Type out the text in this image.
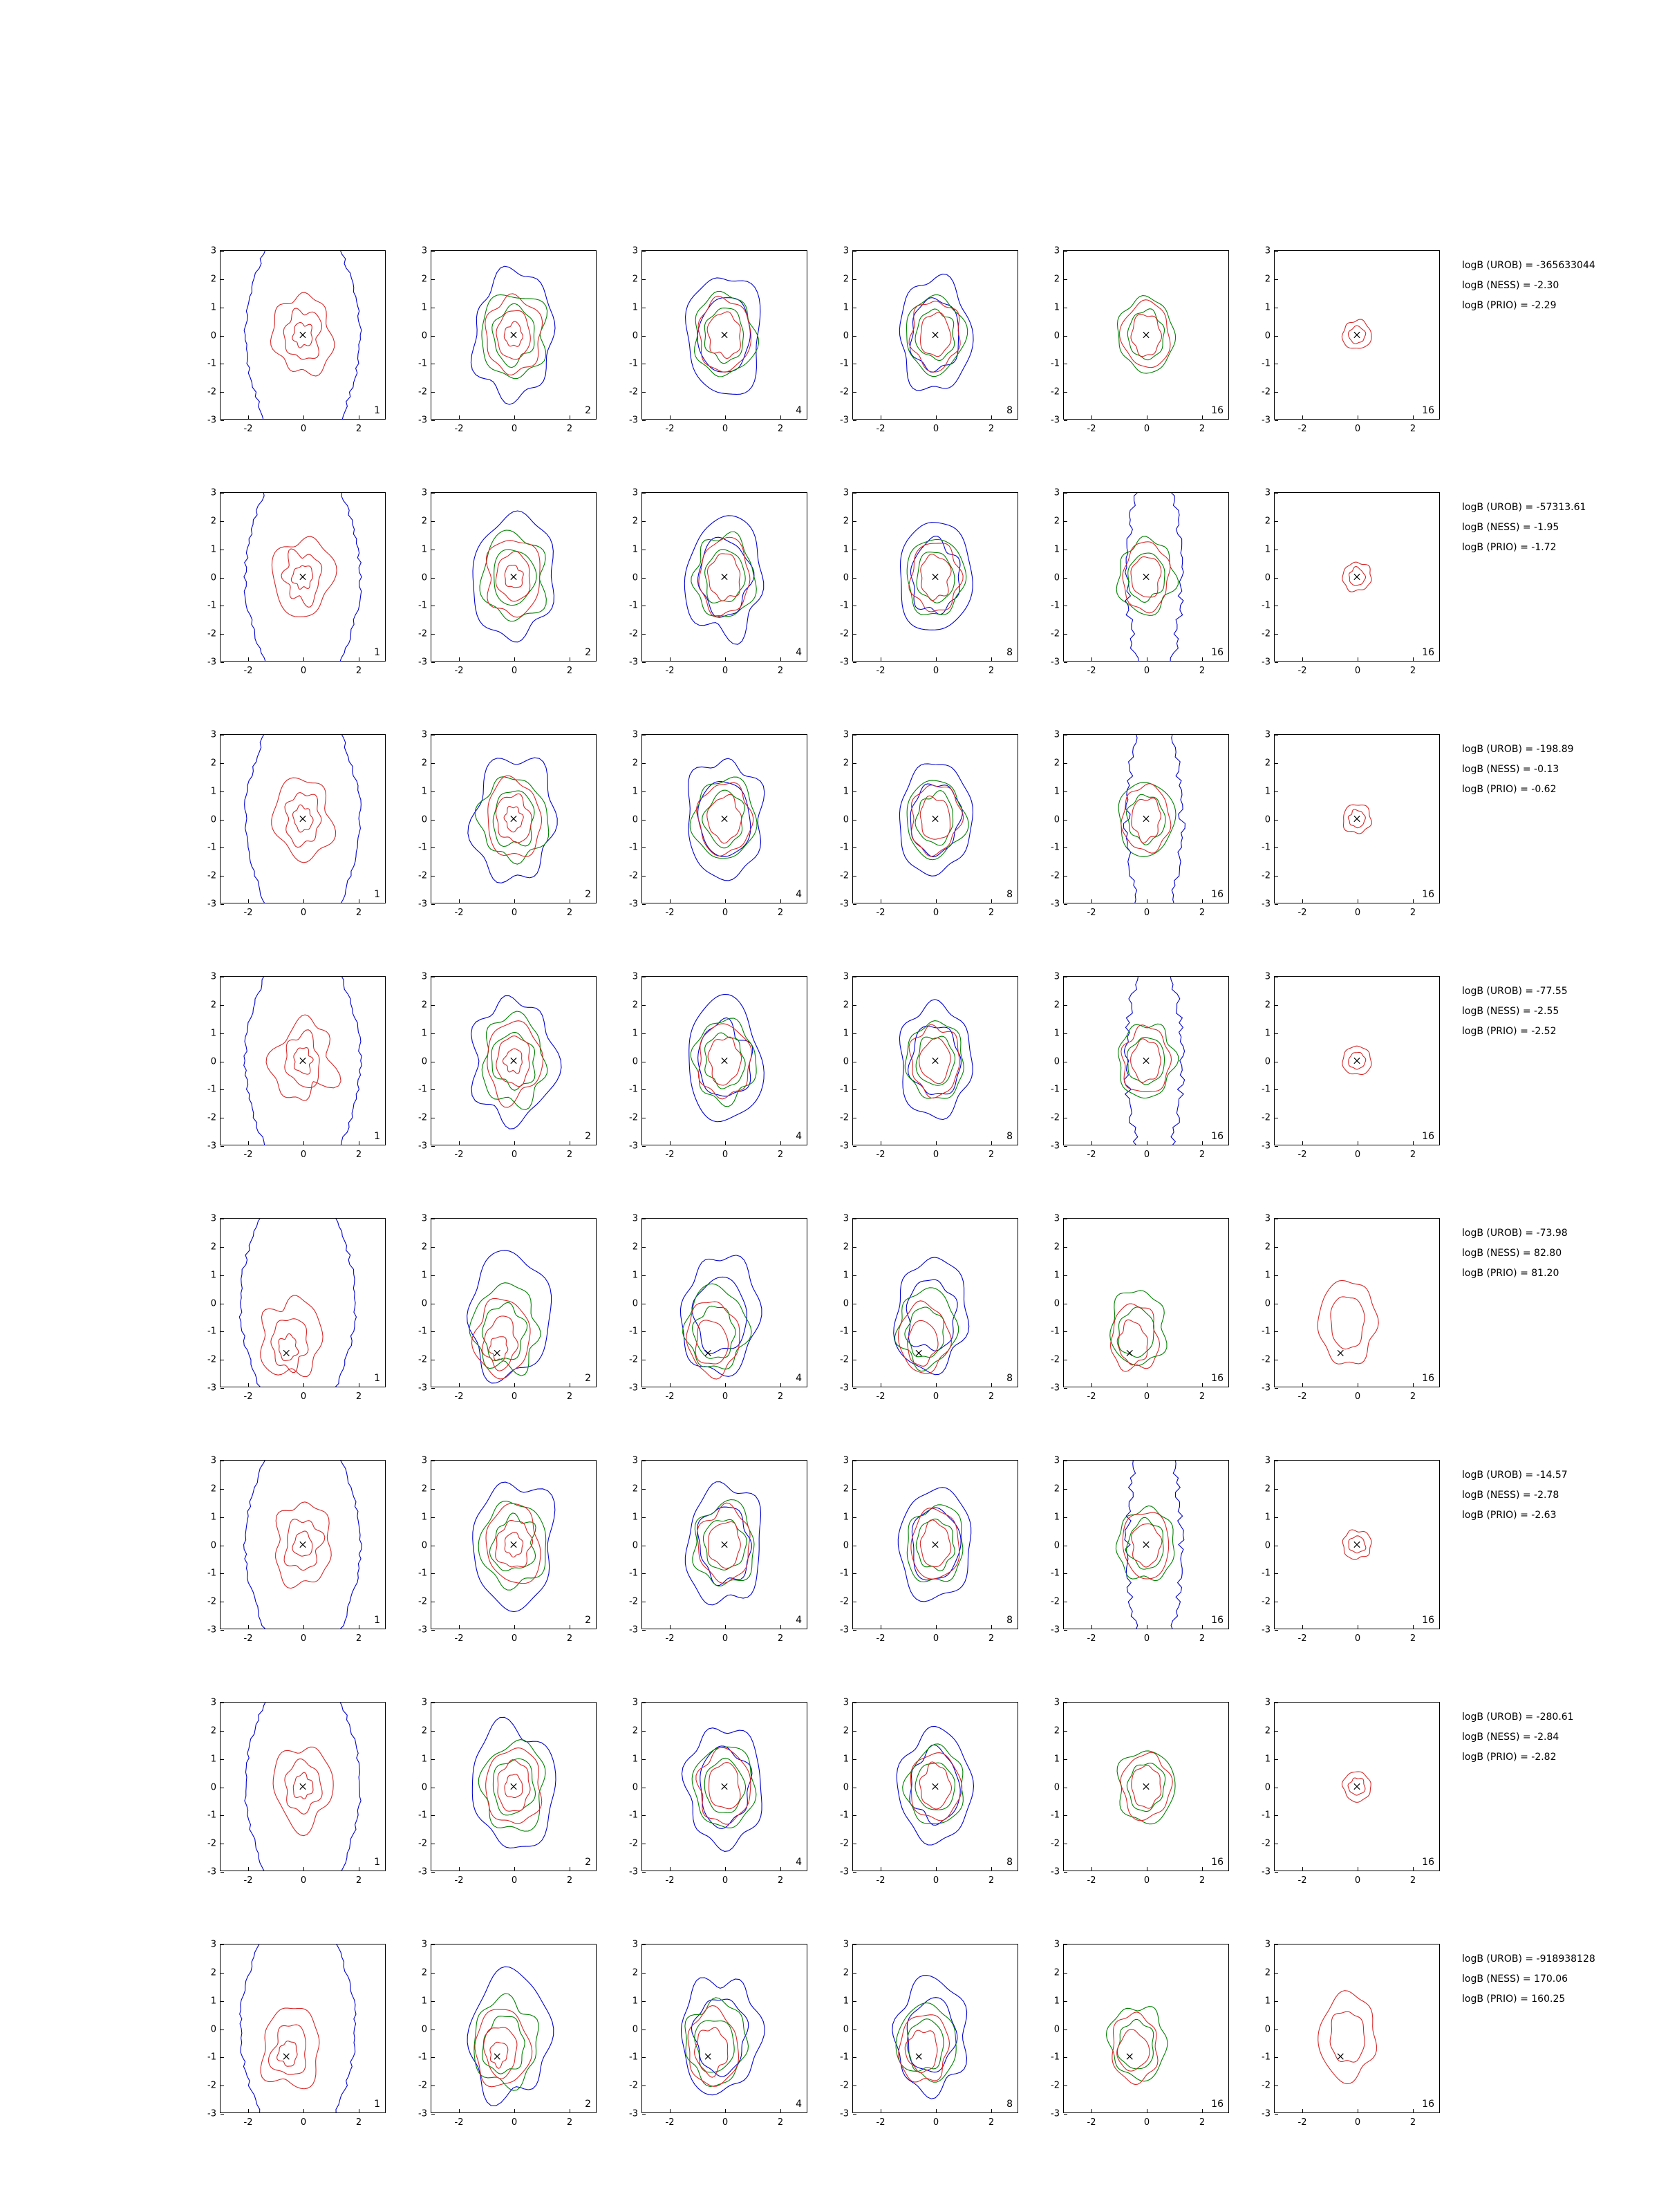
3
2
1
0
-1
-2
-3
-2	0	2
1
3
2
1
0
-1
-2
-3
-2	0	2
2
3
2
1
0
-1
-2
-3
-2	0	2
4
3
2
1
0
-1
-2
-3
-2	0	2
8
3
2
1
0
-1
-2
-3
-2	0	2
16
3
2
1
0
-1
-2
-3
-2	0	2
16
logB (UROB) = -365633044
logB (NESS) = -2.30
logB (PRIO) = -2.29
3
2
1
0
-1
-2
-3
-2	0	2
1
3
2
1
0
-1
-2
-3
-2	0	2
2
3
2
1
0
-1
-2
-3
-2	0	2
4
3
2
1
0
-1
-2
-3
-2	0	2
8
3
2
1
0
-1
-2
-3
-2	0	2
16
3
2
1
0
-1
-2
-3
-2	0	2
16
logB (UROB) = -57313.61
logB (NESS) = -1.95
logB (PRIO) = -1.72
3
2
1
0
-1
-2
-3
-2	0	2
1
3
2
1
0
-1
-2
-3
-2	0	2
2
3
2
1
0
-1
-2
-3
-2	0	2
4
3
2
1
0
-1
-2
-3
-2	0	2
8
3
2
1
0
-1
-2
-3
-2	0	2
16
3
2
1
0
-1
-2
-3
-2	0	2
16
logB (UROB) = -198.89
logB (NESS) = -0.13
logB (PRIO) = -0.62
3
2
1
0
-1
-2
-3
-2	0	2
1
3
2
1
0
-1
-2
-3
-2	0	2
2
3
2
1
0
-1
-2
-3
-2	0	2
4
3
2
1
0
-1
-2
-3
-2	0	2
8
3
2
1
0
-1
-2
-3
-2	0	2
16
3
2
1
0
-1
-2
-3
-2	0	2
16
logB (UROB) = -77.55
logB (NESS) = -2.55
logB (PRIO) = -2.52
3
2
1
0
-1
-2
-3
-2	0	2
1
3
2
1
0
-1
-2
-3
-2	0	2
2
3
2
1
0
-1
-2
-3
-2	0	2
4
3
2
1
0
-1
-2
-3
-2	0	2
8
3
2
1
0
-1
-2
-3
-2	0	2
16
3
2
1
0
-1
-2
-3
-2	0	2
16
logB (UROB) = -73.98
logB (NESS) = 82.80
logB (PRIO) = 81.20
3
2
1
0
-1
-2
-3
-2	0	2
1
3
2
1
0
-1
-2
-3
-2	0	2
2
3
2
1
0
-1
-2
-3
-2	0	2
4
3
2
1
0
-1
-2
-3
-2	0	2
8
3
2
1
0
-1
-2
-3
-2	0	2
16
3
2
1
0
-1
-2
-3
-2	0	2
16
logB (UROB) = -14.57
logB (NESS) = -2.78
logB (PRIO) = -2.63
3
2
1
0
-1
-2
-3
-2	0	2
1
3
2
1
0
-1
-2
-3
-2	0	2
2
3
2
1
0
-1
-2
-3
-2	0	2
4
3
2
1
0
-1
-2
-3
-2	0	2
8
3
2
1
0
-1
-2
-3
-2	0	2
16
3
2
1
0
-1
-2
-3
-2	0	2
16
logB (UROB) = -280.61
logB (NESS) = -2.84
logB (PRIO) = -2.82
3
2
1
0
-1
-2
-3
-2	0	2
1
3
2
1
0
-1
-2
-3
-2	0	2
2
3
2
1
0
-1
-2
-3
-2	0	2
4
3
2
1
0
-1
-2
-3
-2	0	2
8
3
2
1
0
-1
-2
-3
-2	0	2
16
3
2
1
0
-1
-2
-3
-2	0	2
16
logB (UROB) = -918938128
logB (NESS) = 170.06
logB (PRIO) = 160.25
